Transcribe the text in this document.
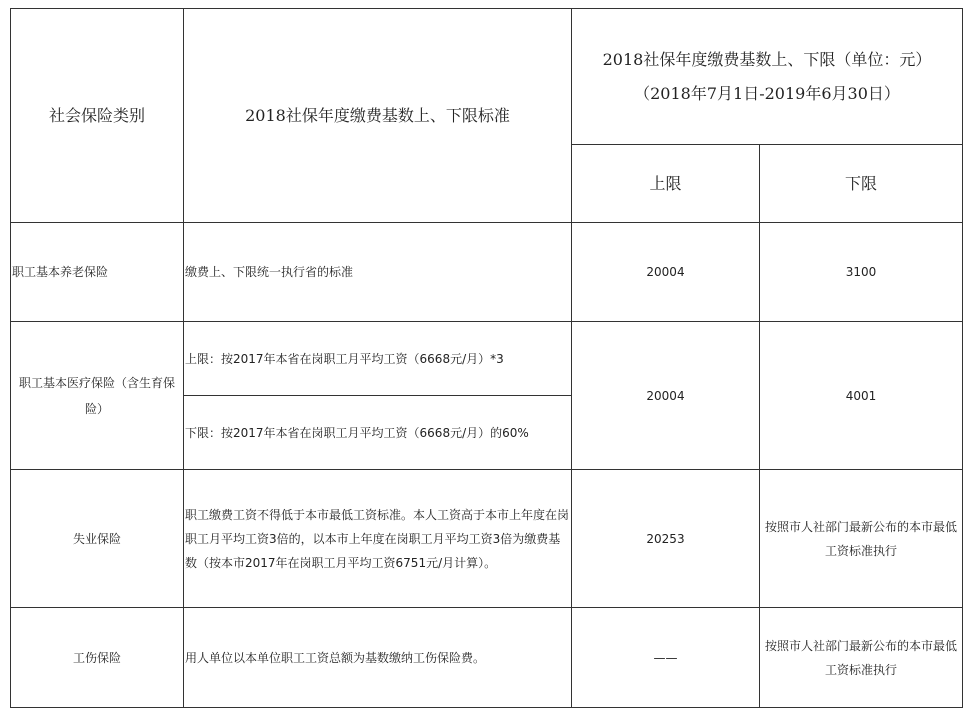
社会保险类别	2018社保年度缴费基数上、下限标准	2018社保年度缴费基数上、下限（单位：元）（2018年7月1日-2019年6月30日）	
		上限	下限
职工基本养老保险	缴费上、下限统一执行省的标准	20004	3100
职工基本医疗保险（含生育保险）	上限：按2017年本省在岗职工月平均工资（6668元/月）*3	20004	4001
	下限：按2017年本省在岗职工月平均工资（6668元/月）的60%		
失业保险	职工缴费工资不得低于本市最低工资标准。本人工资高于本市上年度在岗职工月平均工资3倍的，以本市上年度在岗职工月平均工资3倍为缴费基数（按本市2017年在岗职工月平均工资6751元/月计算）。	20253	按照市人社部门最新公布的本市最低工资标准执行
工伤保险	用人单位以本单位职工工资总额为基数缴纳工伤保险费。	——	按照市人社部门最新公布的本市最低工资标准执行
